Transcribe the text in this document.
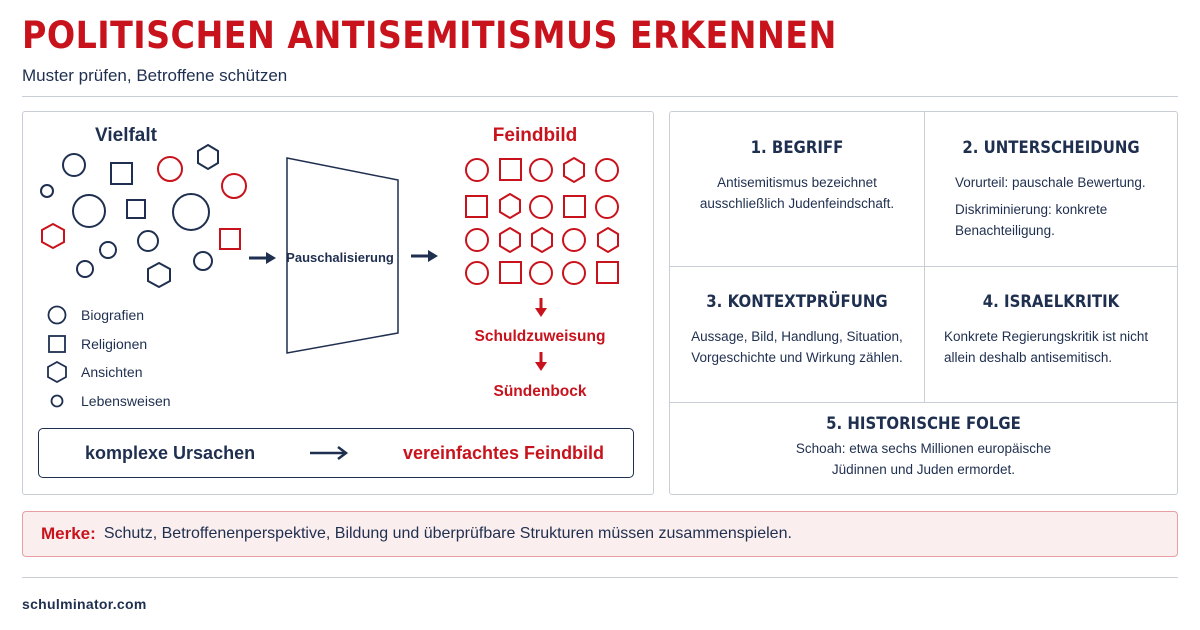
POLITISCHEN ANTISEMITISMUS ERKENNEN
Muster prüfen, Betroffene schützen
Vielfalt	Feindbild
Pauschalisierung
Schuldzuweisung
Sündenbock
Biografien
Religionen
Ansichten
Lebensweisen
komplexe Ursachen	vereinfachtes Feindbild
1. BEGRIFF

Antisemitismus bezeichnet
ausschließlich Judenfeindschaft.

2. UNTERSCHEIDUNG

Vorurteil: pauschale Bewertung.

Diskriminierung: konkrete
Benachteiligung.

3. KONTEXTPRÜFUNG

Aussage, Bild, Handlung, Situation,
Vorgeschichte und Wirkung zählen.

4. ISRAELKRITIK

Konkrete Regierungskritik ist nicht
allein deshalb antisemitisch.

5. HISTORISCHE FOLGE

Schoah: etwa sechs Millionen europäische
Jüdinnen und Juden ermordet.

Merke: Schutz, Betroffenenperspektive, Bildung und überprüfbare Strukturen müssen zusammenspielen.
schulminator.com
